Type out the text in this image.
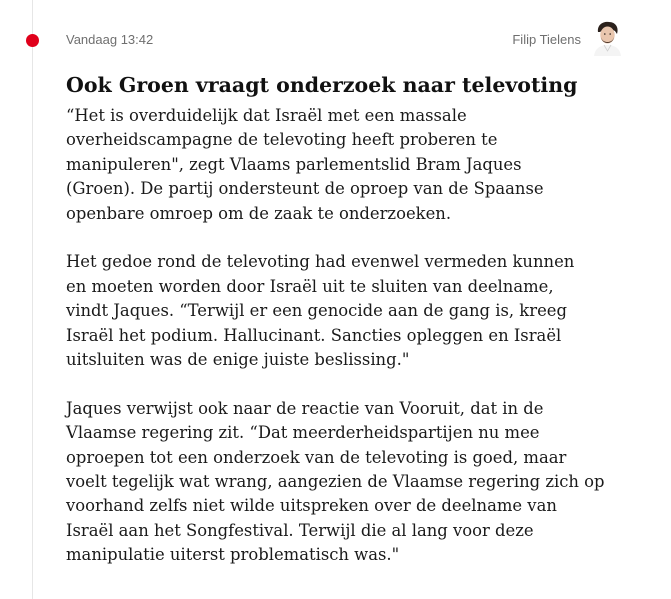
Vandaag 13:42	Filip Tielens
Ook Groen vraagt onderzoek naar televoting

“Het is overduidelijk dat Israël met een massale
overheidscampagne de televoting heeft proberen te
manipuleren", zegt Vlaams parlementslid Bram Jaques
(Groen). De partij ondersteunt de oproep van de Spaanse
openbare omroep om de zaak te onderzoeken.

Het gedoe rond de televoting had evenwel vermeden kunnen
en moeten worden door Israël uit te sluiten van deelname,
vindt Jaques. “Terwijl er een genocide aan de gang is, kreeg
Israël het podium. Hallucinant. Sancties opleggen en Israël
uitsluiten was de enige juiste beslissing."

Jaques verwijst ook naar de reactie van Vooruit, dat in de
Vlaamse regering zit. “Dat meerderheidspartijen nu mee
oproepen tot een onderzoek van de televoting is goed, maar
voelt tegelijk wat wrang, aangezien de Vlaamse regering zich op
voorhand zelfs niet wilde uitspreken over de deelname van
Israël aan het Songfestival. Terwijl die al lang voor deze
manipulatie uiterst problematisch was."
